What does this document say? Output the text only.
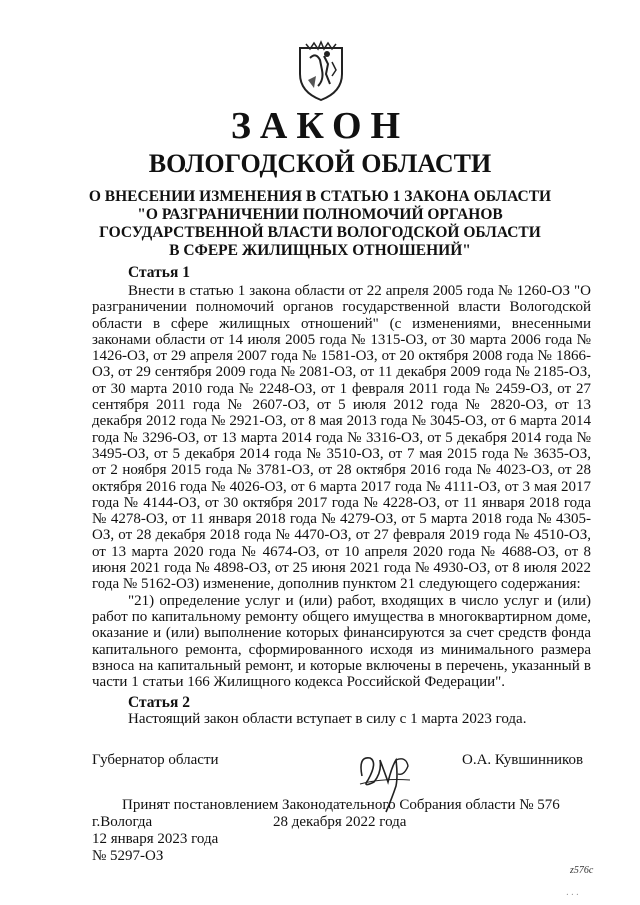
ЗАКОН
ВОЛОГОДСКОЙ ОБЛАСТИ
О ВНЕСЕНИИ ИЗМЕНЕНИЯ В СТАТЬЮ 1 ЗАКОНА ОБЛАСТИ
"О РАЗГРАНИЧЕНИИ ПОЛНОМОЧИЙ ОРГАНОВ
ГОСУДАРСТВЕННОЙ ВЛАСТИ ВОЛОГОДСКОЙ ОБЛАСТИ
В СФЕРЕ ЖИЛИЩНЫХ ОТНОШЕНИЙ"
Статья 1

Внести в статью 1 закона области от 22 апреля 2005 года № 1260-ОЗ "О разграничении полномочий органов государственной власти Вологодской области в сфере жилищных отношений" (с изменениями, внесенными законами области от 14 июля 2005 года № 1315-ОЗ, от 30 марта 2006 года № 1426-ОЗ, от 29 апреля 2007 года № 1581-ОЗ, от 20 октября 2008 года № 1866-ОЗ, от 29 сентября 2009 года № 2081-ОЗ, от 11 декабря 2009 года № 2185-ОЗ, от 30 марта 2010 года № 2248-ОЗ, от 1 февраля 2011 года № 2459-ОЗ, от 27 сентября 2011 года № 2607-ОЗ, от 5 июля 2012 года № 2820-ОЗ, от 13 декабря 2012 года № 2921-ОЗ, от 8 мая 2013 года № 3045-ОЗ, от 6 марта 2014 года № 3296-ОЗ, от 13 марта 2014 года № 3316-ОЗ, от 5 декабря 2014 года № 3495-ОЗ, от 5 декабря 2014 года № 3510-ОЗ, от 7 мая 2015 года № 3635-ОЗ, от 2 ноября 2015 года № 3781-ОЗ, от 28 октября 2016 года № 4023-ОЗ, от 28 октября 2016 года № 4026-ОЗ, от 6 марта 2017 года № 4111-ОЗ, от 3 мая 2017 года № 4144-ОЗ, от 30 октября 2017 года № 4228-ОЗ, от 11 января 2018 года № 4278-ОЗ, от 11 января 2018 года № 4279-ОЗ, от 5 марта 2018 года № 4305-ОЗ, от 28 декабря 2018 года № 4470-ОЗ, от 27 февраля 2019 года № 4510-ОЗ, от 13 марта 2020 года № 4674-ОЗ, от 10 апреля 2020 года № 4688-ОЗ, от 8 июня 2021 года № 4898-ОЗ, от 25 июня 2021 года № 4930-ОЗ, от 8 июля 2022 года № 5162-ОЗ) изменение, дополнив пунктом 21 следующего содержания:

"21) определение услуг и (или) работ, входящих в число услуг и (или) работ по капитальному ремонту общего имущества в многоквартирном доме, оказание и (или) выполнение которых финансируются за счет средств фонда капитального ремонта, сформированного исходя из минимального размера взноса на капитальный ремонт, и которые включены в перечень, указанный в части 1 статьи 166 Жилищного кодекса Российской Федерации".

Статья 2

Настоящий закон области вступает в силу с 1 марта 2023 года.

Губернатор области	О.А. Кувшинников
Принят постановлением Законодательного Собрания области № 576
г.Вологда	28 декабря 2022 года
12 января 2023 года
№ 5297-ОЗ
z576c
· · ·
